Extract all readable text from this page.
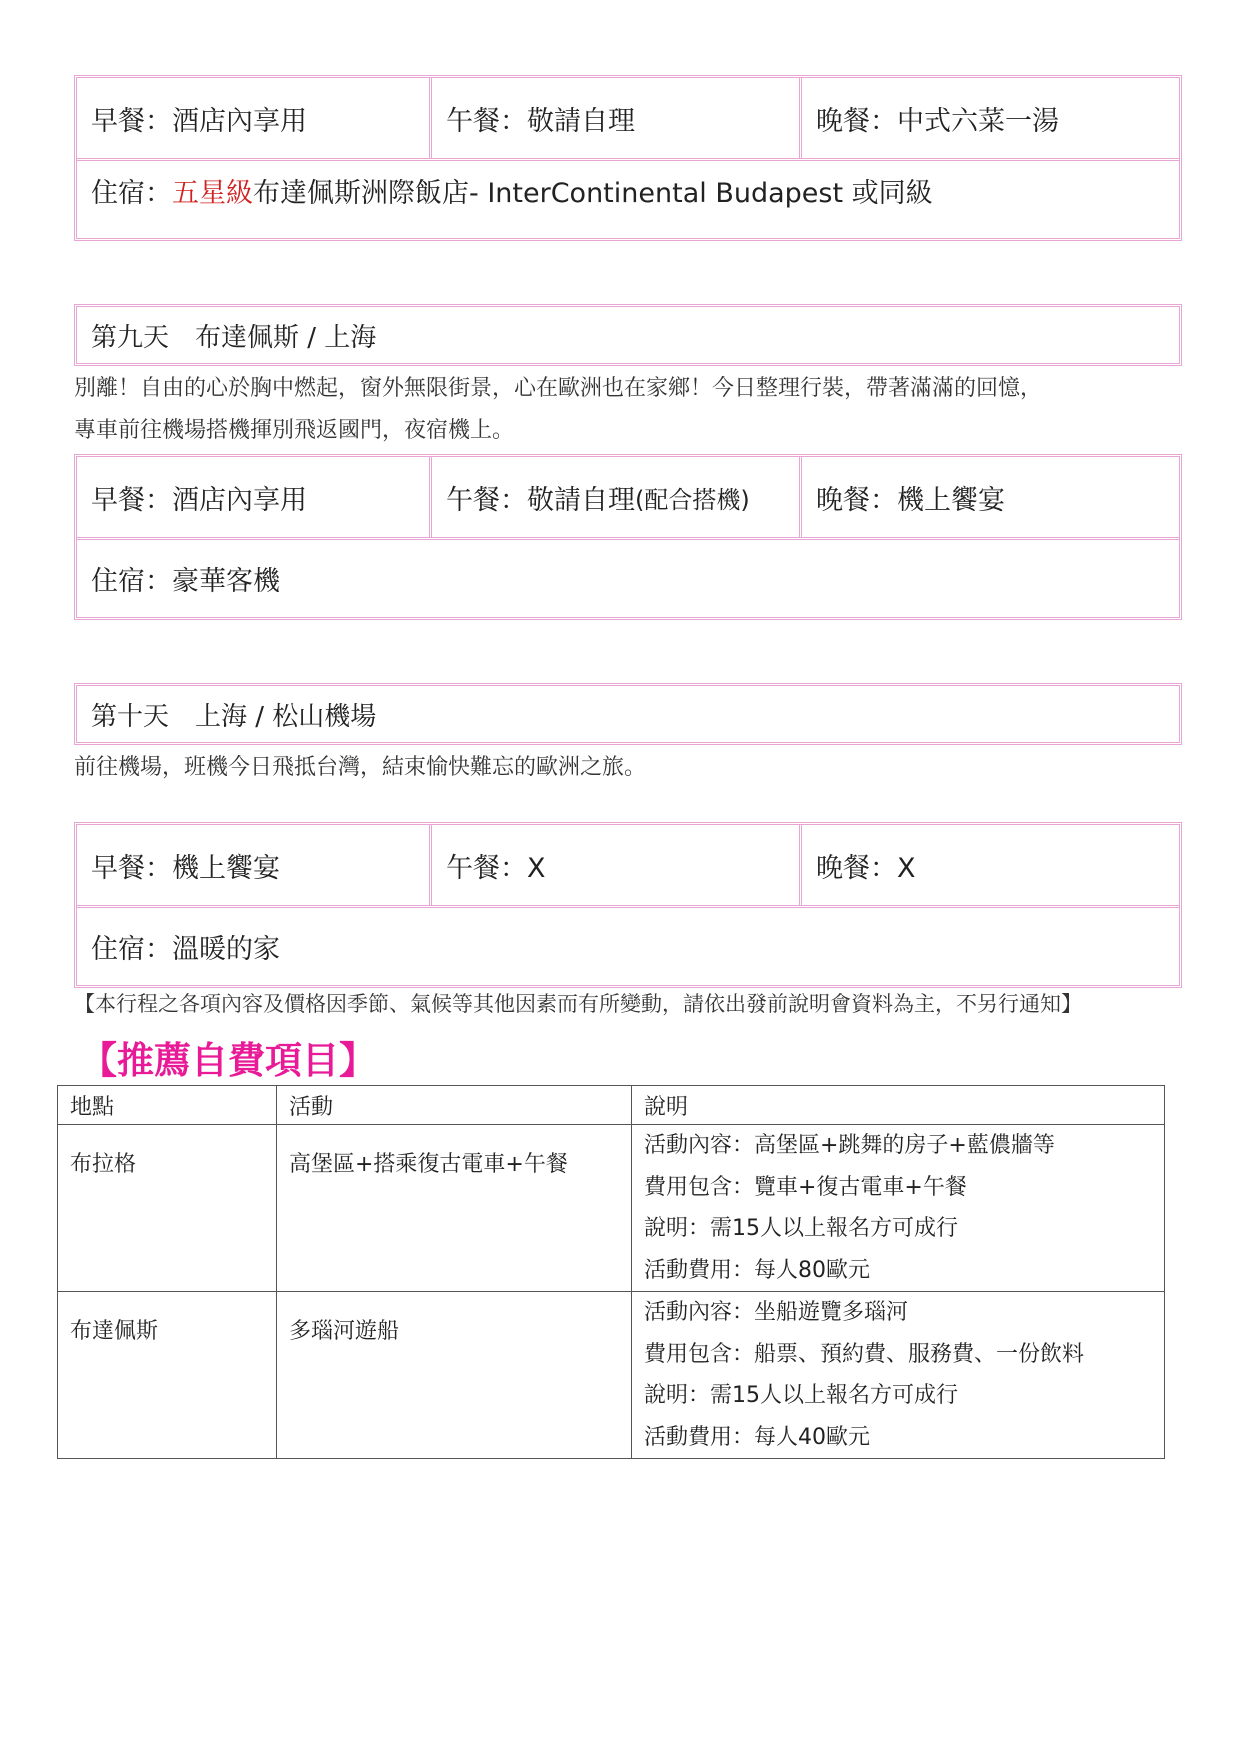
早餐：酒店內享用	午餐：敬請自理	晚餐：中式六菜一湯
住宿： 五星級 布達佩斯洲際飯店- InterContinental Budapest 或同級
第九天　布達佩斯 / 上海
別離！自由的心於胸中燃起，窗外無限街景，心在歐洲也在家鄉！今日整理行裝，帶著滿滿的回憶，
專車前往機場搭機揮別飛返國門，夜宿機上。
早餐：酒店內享用	午餐：敬請自理 (配合搭機)	晚餐：機上饗宴
住宿：豪華客機
第十天　上海 / 松山機場
前往機場，班機今日飛抵台灣，結束愉快難忘的歐洲之旅。
早餐：機上饗宴	午餐：X	晚餐：X
住宿：溫暖的家
【本行程之各項內容及價格因季節、氣候等其他因素而有所變動，請依出發前說明會資料為主，不另行通知】
【推薦自費項目】
地點	活動	說明
布拉格	高堡區+搭乘復古電車+午餐	活動內容：高堡區+跳舞的房子+藍儂牆等
費用包含：覽車+復古電車+午餐
說明：需15人以上報名方可成行
活動費用：每人80歐元

布達佩斯	多瑙河遊船	活動內容：坐船遊覽多瑙河
費用包含：船票、預約費、服務費、一份飲料
說明：需15人以上報名方可成行
活動費用：每人40歐元
